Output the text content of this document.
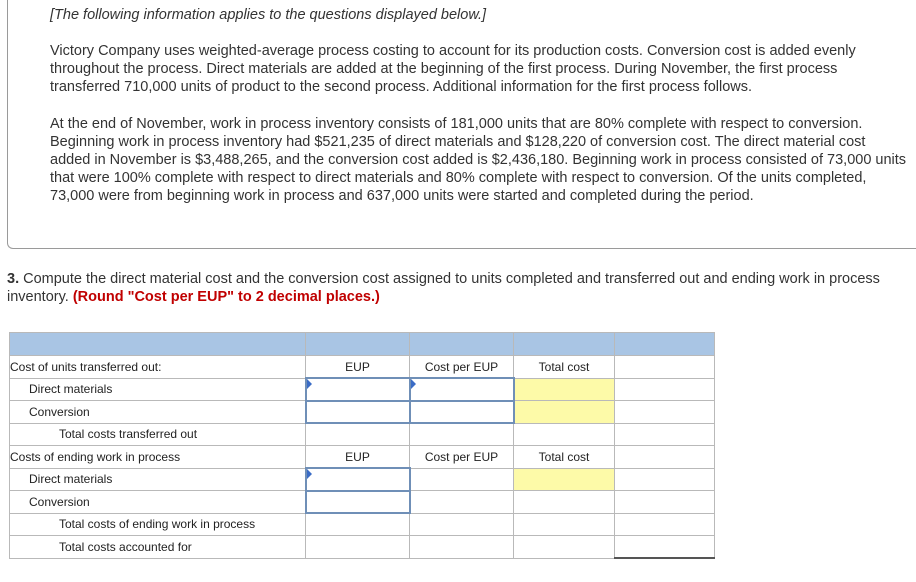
[The following information applies to the questions displayed below.]
Victory Company uses weighted-average process costing to account for its production costs. Conversion cost is added evenly throughout the process. Direct materials are added at the beginning of the first process. During November, the first process transferred 710,000 units of product to the second process. Additional information for the first process follows.
At the end of November, work in process inventory consists of 181,000 units that are 80% complete with respect to conversion. Beginning work in process inventory had $521,235 of direct materials and $128,220 of conversion cost. The direct material cost added in November is $3,488,265, and the conversion cost added is $2,436,180. Beginning work in process consisted of 73,000 units that were 100% complete with respect to direct materials and 80% complete with respect to conversion. Of the units completed, 73,000 were from beginning work in process and 637,000 units were started and completed during the period.
3. Compute the direct material cost and the conversion cost assigned to units completed and transferred out and ending work in process inventory. (Round "Cost per EUP" to 2 decimal places.)

Cost of units transferred out:	EUP	Cost per EUP	Total cost	
Direct materials	

Conversion				
Total costs transferred out				
Costs of ending work in process	EUP	Cost per EUP	Total cost	
Direct materials	

Conversion				
Total costs of ending work in process				
Total costs accounted for				
